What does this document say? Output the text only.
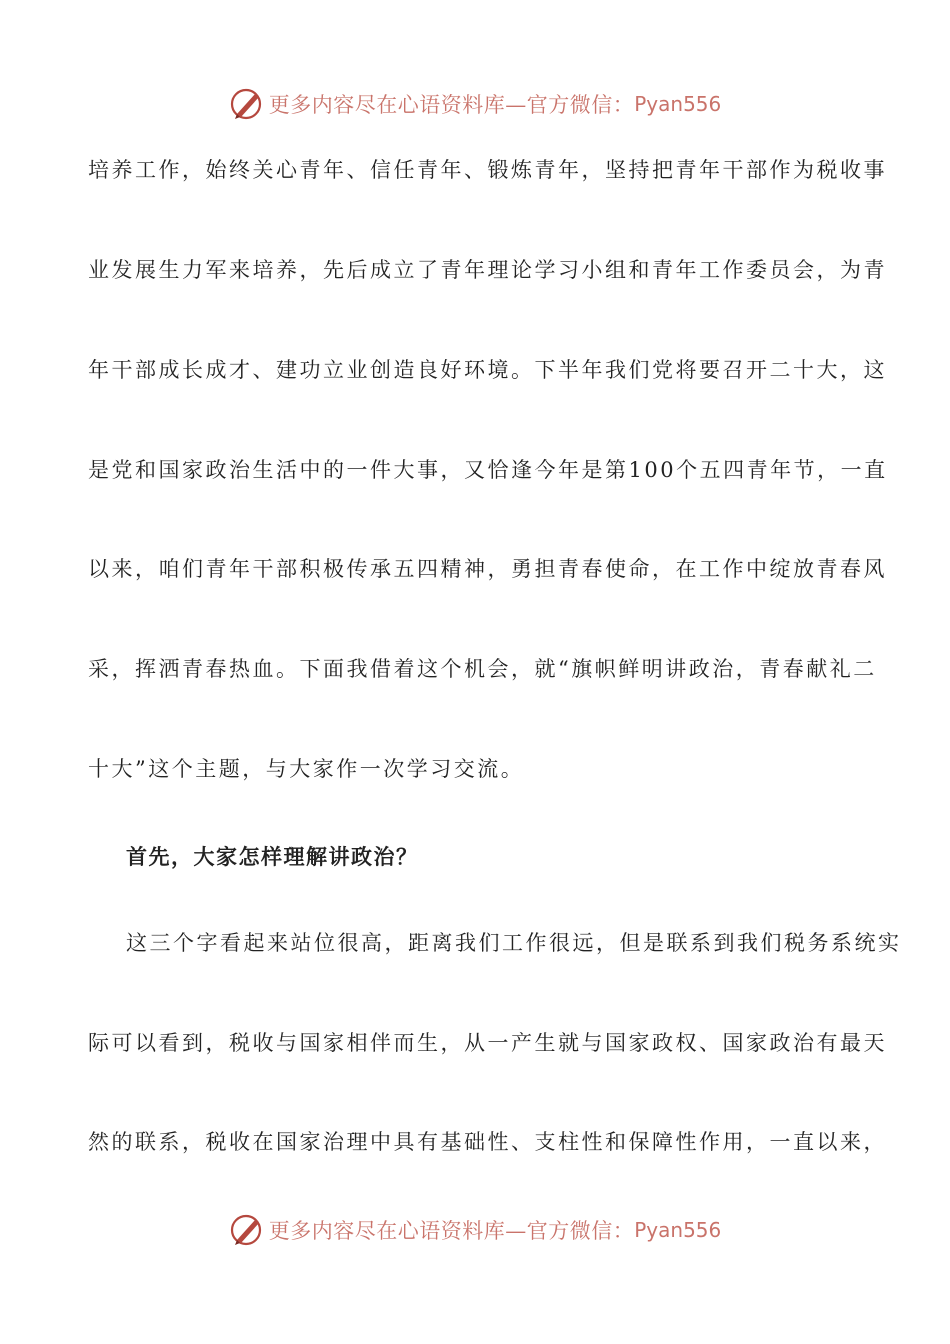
更多内容尽在心语资料库—官方微信： Pyan556
培养工作，始终关心青年、信任青年、锻炼青年，坚持把青年干部作为税收事
业发展生力军来培养，先后成立了青年理论学习小组和青年工作委员会，为青
年干部成长成才、建功立业创造良好环境。下半年我们党将要召开二十大，这
是党和国家政治生活中的一件大事，又恰逢今年是第100个五四青年节，一直
以来，咱们青年干部积极传承五四精神，勇担青春使命，在工作中绽放青春风
采，挥洒青春热血。下面我借着这个机会，就“旗帜鲜明讲政治，青春献礼二
十大”这个主题，与大家作一次学习交流。
首先，大家怎样理解讲政治？
这三个字看起来站位很高，距离我们工作很远，但是联系到我们税务系统实
际可以看到，税收与国家相伴而生，从一产生就与国家政权、国家政治有最天
然的联系，税收在国家治理中具有基础性、支柱性和保障性作用，一直以来，
更多内容尽在心语资料库—官方微信： Pyan556
